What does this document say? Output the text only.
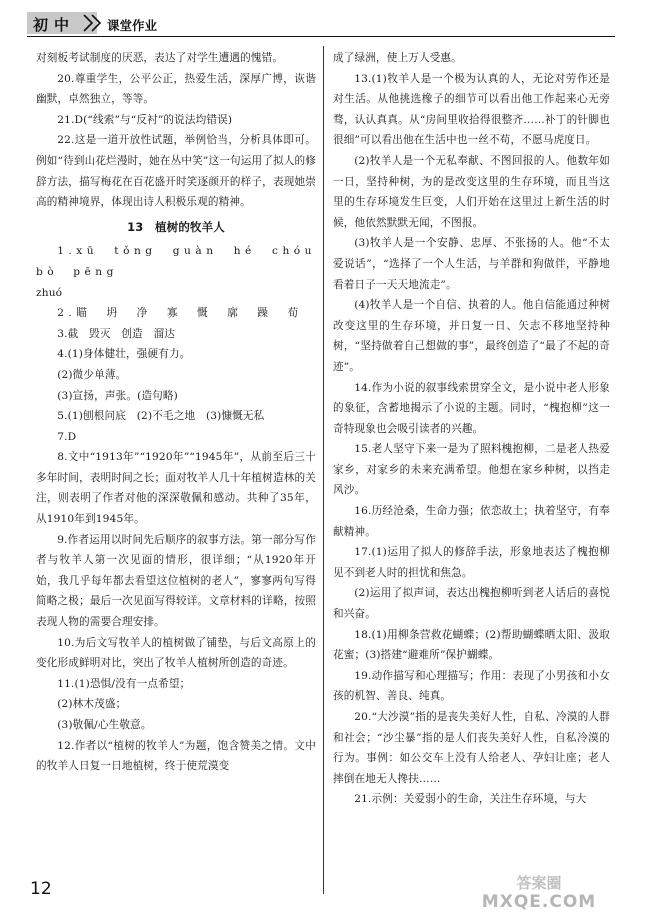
初中	课堂作业

对刻板考试制度的厌恶，表达了对学生遭遇的愧错。

20.尊重学生，公平公正，热爱生活，深厚广博，诙谐幽默，卓然独立，等等。

21.D(“线索”与“反衬”的说法均错误)

22.这是一道开放性试题，举例恰当，分析具体即可。例如“待到山花烂漫时，她在丛中笑”这一句运用了拟人的修辞方法，描写梅花在百花盛开时笑逐颜开的样子，表现她崇高的精神境界，体现出诗人积极乐观的精神。

13　植树的牧羊人

1.xū　tǒng　guàn　hé　chóu　bò　pēng

zhuó

2.瞄　坍　净　寡　慨　廓　躁　荀

3.截　毁灭　创造　溜达

4.(1)身体健壮，强硬有力。

(2)微少单薄。

(3)宣扬，声张。(造句略)

5.(1)刨根问底　(2)不毛之地　(3)慷慨无私

7.D

8.文中“1913年”“1920年”“1945年”，从前至后三十多年时间，表明时间之长；面对牧羊人几十年植树造林的关注，则表明了作者对他的深深敬佩和感动。共种了35年，从1910年到1945年。

9.作者运用以时间先后顺序的叙事方法。第一部分写作者与牧羊人第一次见面的情形，很详细；“从1920年开始，我几乎每年都去看望这位植树的老人”，寥寥两句写得简略之极；最后一次见面写得较详。文章材料的详略，按照表现人物的需要合理安排。

10.为后文写牧羊人的植树做了铺垫，与后文高原上的变化形成鲜明对比，突出了牧羊人植树所创造的奇迹。

11.(1)恐惧/没有一点希望；

(2)林木茂盛；

(3)敬佩/心生敬意。

12.作者以“植树的牧羊人”为题，饱含赞美之情。文中的牧羊人日复一日地植树，终于使荒漠变

成了绿洲，使上万人受惠。

13.(1)牧羊人是一个极为认真的人，无论对劳作还是对生活。从他挑选橡子的细节可以看出他工作起来心无旁骛，认认真真。从“房间里收拾得很整齐……补丁的针脚也很细”可以看出他在生活中也一丝不苟，不愿马虎度日。

(2)牧羊人是一个无私奉献、不图回报的人。他数年如一日，坚持种树，为的是改变这里的生存环境，而且当这里的生存环境发生巨变，人们开始在这里过上新生活的时候，他依然默默无闻，不图报。

(3)牧羊人是一个安静、忠厚、不张扬的人。他“不太爱说话”，“选择了一个人生活，与羊群和狗做伴，平静地看着日子一天天地流走”。

(4)牧羊人是一个自信、执着的人。他自信能通过种树改变这里的生存环境，并日复一日、矢志不移地坚持种树，“坚持做着自己想做的事”，最终创造了“最了不起的奇迹”。

14.作为小说的叙事线索贯穿全文，是小说中老人形象的象征，含蓄地揭示了小说的主题。同时，“槐抱柳”这一奇特现象也会吸引读者的兴趣。

15.老人坚守下来一是为了照料槐抱柳，二是老人热爱家乡，对家乡的未来充满希望。他想在家乡种树，以挡走风沙。

16.历经沧桑，生命力强；依恋故土；执着坚守，有奉献精神。

17.(1)运用了拟人的修辞手法，形象地表达了槐抱柳见不到老人时的担忧和焦急。

(2)运用了拟声词，表达出槐抱柳听到老人话后的喜悦和兴奋。

18.(1)用柳条营救花蝴蝶；(2)帮助蝴蝶晒太阳、汲取花蜜；(3)搭建“避难所”保护蝴蝶。

19.动作描写和心理描写；作用：表现了小男孩和小女孩的机智、善良、纯真。

20.“大沙漠”指的是丧失美好人性，自私、冷漠的人群和社会；“沙尘暴”指的是人们丧失美好人性，自私冷漠的行为。事例：如公交车上没有人给老人、孕妇让座；老人摔倒在地无人搀扶……

21.示例：关爱弱小的生命，关注生存环境，与大

12	答案圈
MXQE.COM
